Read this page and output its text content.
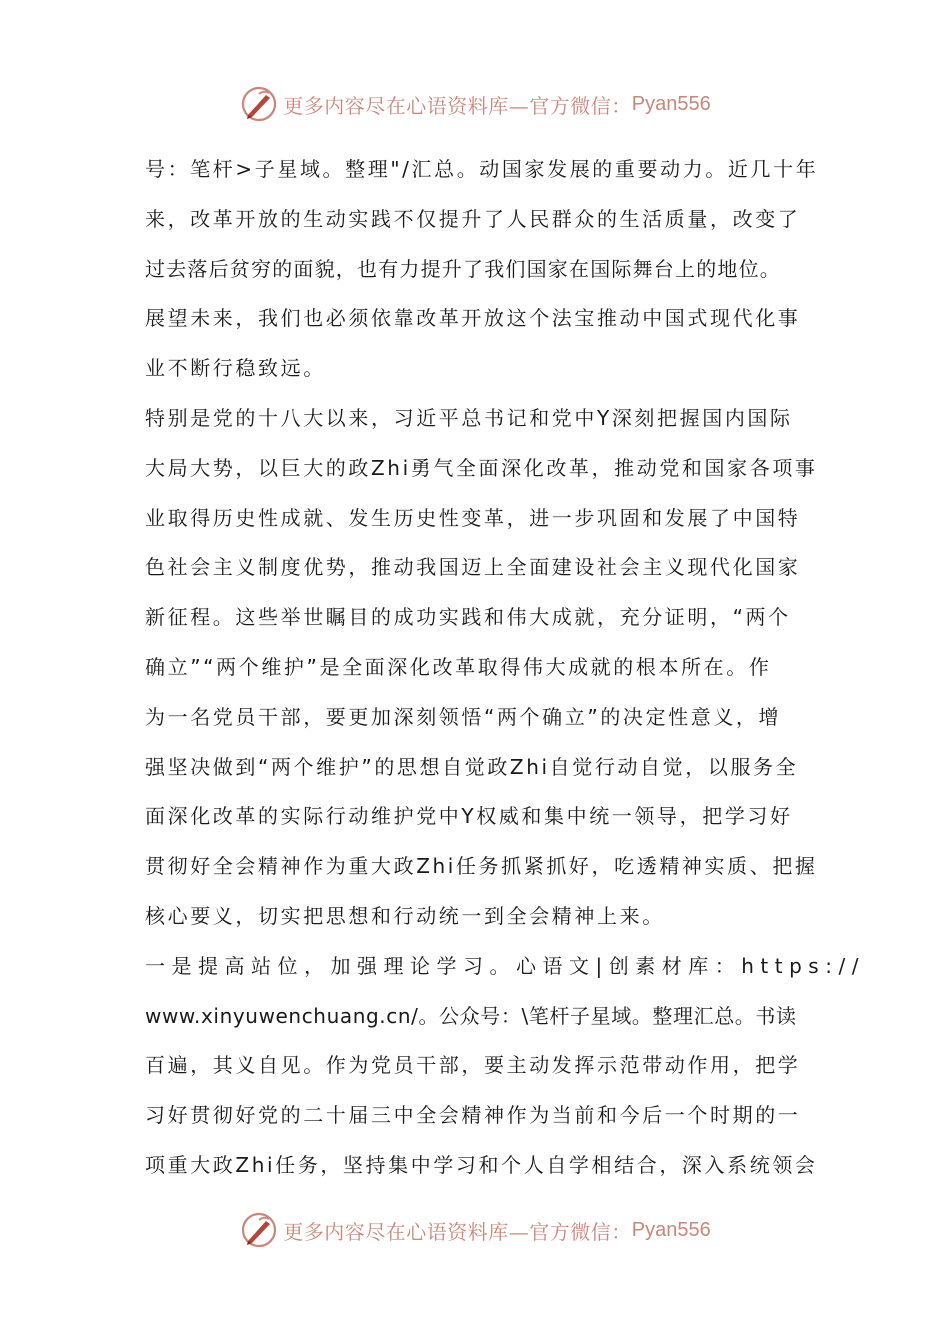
更多内容尽在心语资料库—官方微信： Pyan556
号：笔杆>子星域。整理"/汇总。动国家发展的重要动力。近几十年
来，改革开放的生动实践不仅提升了人民群众的生活质量，改变了
过去落后贫穷的面貌，也有力提升了我们国家在国际舞台上的地位。
展望未来，我们也必须依靠改革开放这个法宝推动中国式现代化事
业不断行稳致远。
特别是党的十八大以来，习近平总书记和党中Y深刻把握国内国际
大局大势，以巨大的政Zhi勇气全面深化改革，推动党和国家各项事
业取得历史性成就、发生历史性变革，进一步巩固和发展了中国特
色社会主义制度优势，推动我国迈上全面建设社会主义现代化国家
新征程。这些举世瞩目的成功实践和伟大成就，充分证明，“两个
确立”“两个维护”是全面深化改革取得伟大成就的根本所在。作
为一名党员干部，要更加深刻领悟“两个确立”的决定性意义，增
强坚决做到“两个维护”的思想自觉政Zhi自觉行动自觉，以服务全
面深化改革的实际行动维护党中Y权威和集中统一领导，把学习好
贯彻好全会精神作为重大政Zhi任务抓紧抓好，吃透精神实质、把握
核心要义，切实把思想和行动统一到全会精神上来。
一是提高站位，加强理论学习。心语文|创素材库：https://
www.xinyuwenchuang.cn/。公众号：\笔杆子星域。整理汇总。书读
百遍，其义自见。作为党员干部，要主动发挥示范带动作用，把学
习好贯彻好党的二十届三中全会精神作为当前和今后一个时期的一
项重大政Zhi任务，坚持集中学习和个人自学相结合，深入系统领会
更多内容尽在心语资料库—官方微信： Pyan556
